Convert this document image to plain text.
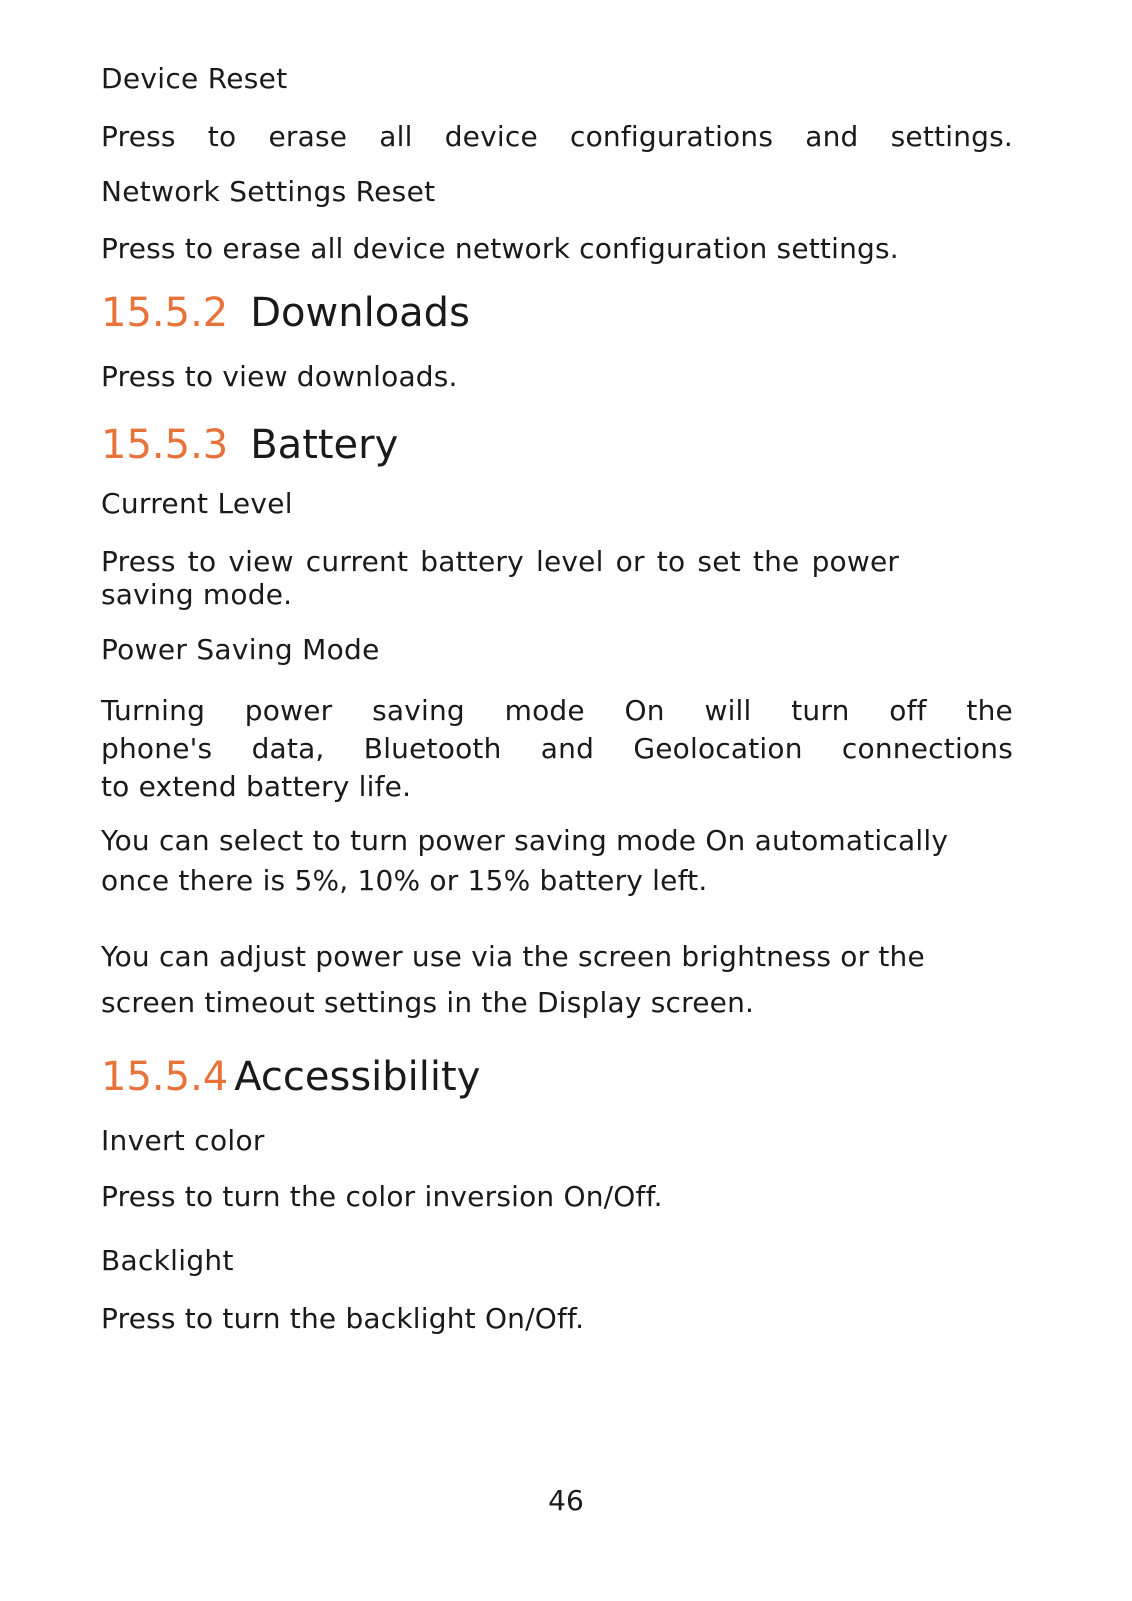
Device Reset
Press to erase all device configurations and settings.
Network Settings Reset
Press to erase all device network configuration settings.
15.5.2 Downloads
Press to view downloads.
15.5.3 Battery
Current Level
Press to view current battery level or to set the power
saving mode.
Power Saving Mode
Turning power saving mode On will turn off the
phone's data, Bluetooth and Geolocation connections
to extend battery life.
You can select to turn power saving mode On automatically
once there is 5%, 10% or 15% battery left.
You can adjust power use via the screen brightness or the
screen timeout settings in the Display screen.
15.5.4 Accessibility
Invert color
Press to turn the color inversion On/Off.
Backlight
Press to turn the backlight On/Off.
46
